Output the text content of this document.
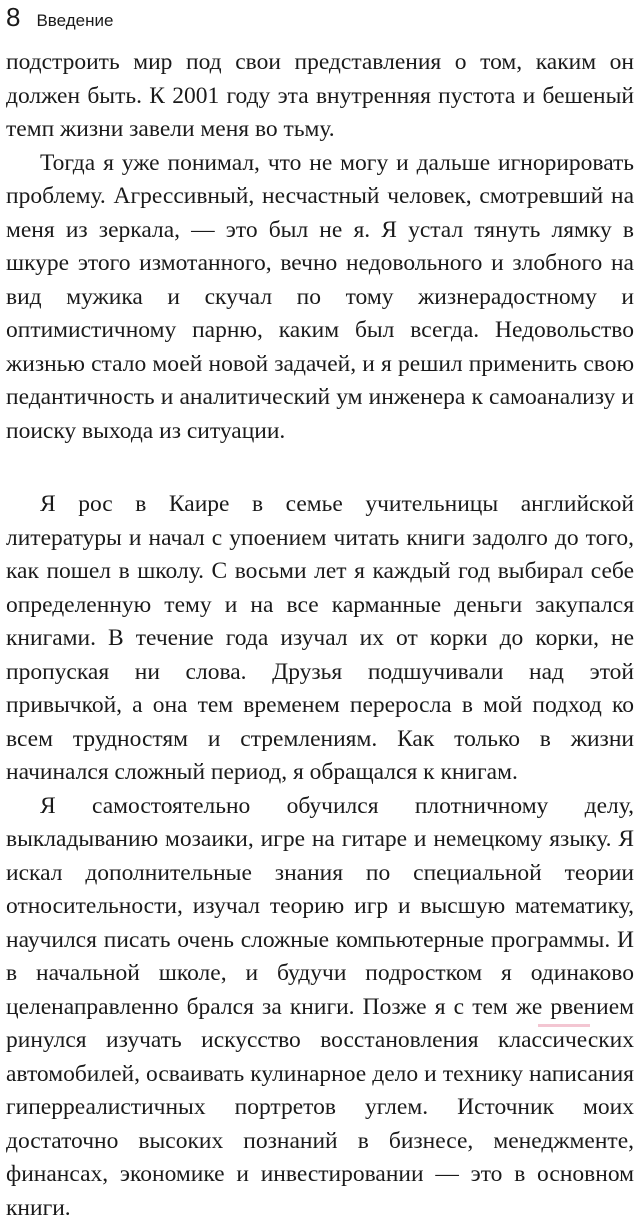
8 Введение

подстроить мир под свои представления о том, каким он должен быть. К 2001 году эта внутренняя пустота и бешеный темп жизни завели меня во тьму.

Тогда я уже понимал, что не могу и дальше игнорировать проблему. Агрессивный, несчастный человек, смотревший на меня из зеркала, — это был не я. Я устал тянуть лямку в шкуре этого измотанного, вечно недовольного и злобного на вид мужика и скучал по тому жизнерадостному и оптимистичному парню, каким был всегда. Недовольство жизнью стало моей новой задачей, и я решил применить свою педантичность и аналитический ум инженера к самоанализу и поиску выхода из ситуации.

Я рос в Каире в семье учительницы английской литературы и начал с упоением читать книги задолго до того, как пошел в школу. С восьми лет я каждый год выбирал себе определенную тему и на все карманные деньги закупался книгами. В течение года изучал их от корки до корки, не пропуская ни слова. Друзья подшучивали над этой привычкой, а она тем временем переросла в мой подход ко всем трудностям и стремлениям. Как только в жизни начинался сложный период, я обращался к книгам.

Я самостоятельно обучился плотничному делу, выкладыванию мозаики, игре на гитаре и немецкому языку. Я искал дополнительные знания по специальной теории относительности, изучал теорию игр и высшую математику, научился писать очень сложные компьютерные программы. И в начальной школе, и будучи подростком я одинаково целенаправленно брался за книги. Позже я с тем же рвением ринулся изучать искусство восстановления классических автомобилей, осваивать кулинарное дело и технику написания гиперреалистичных портретов углем. Источник моих достаточно высоких познаний в бизнесе, менеджменте, финансах, экономике и инвестировании — это в основном книги.
